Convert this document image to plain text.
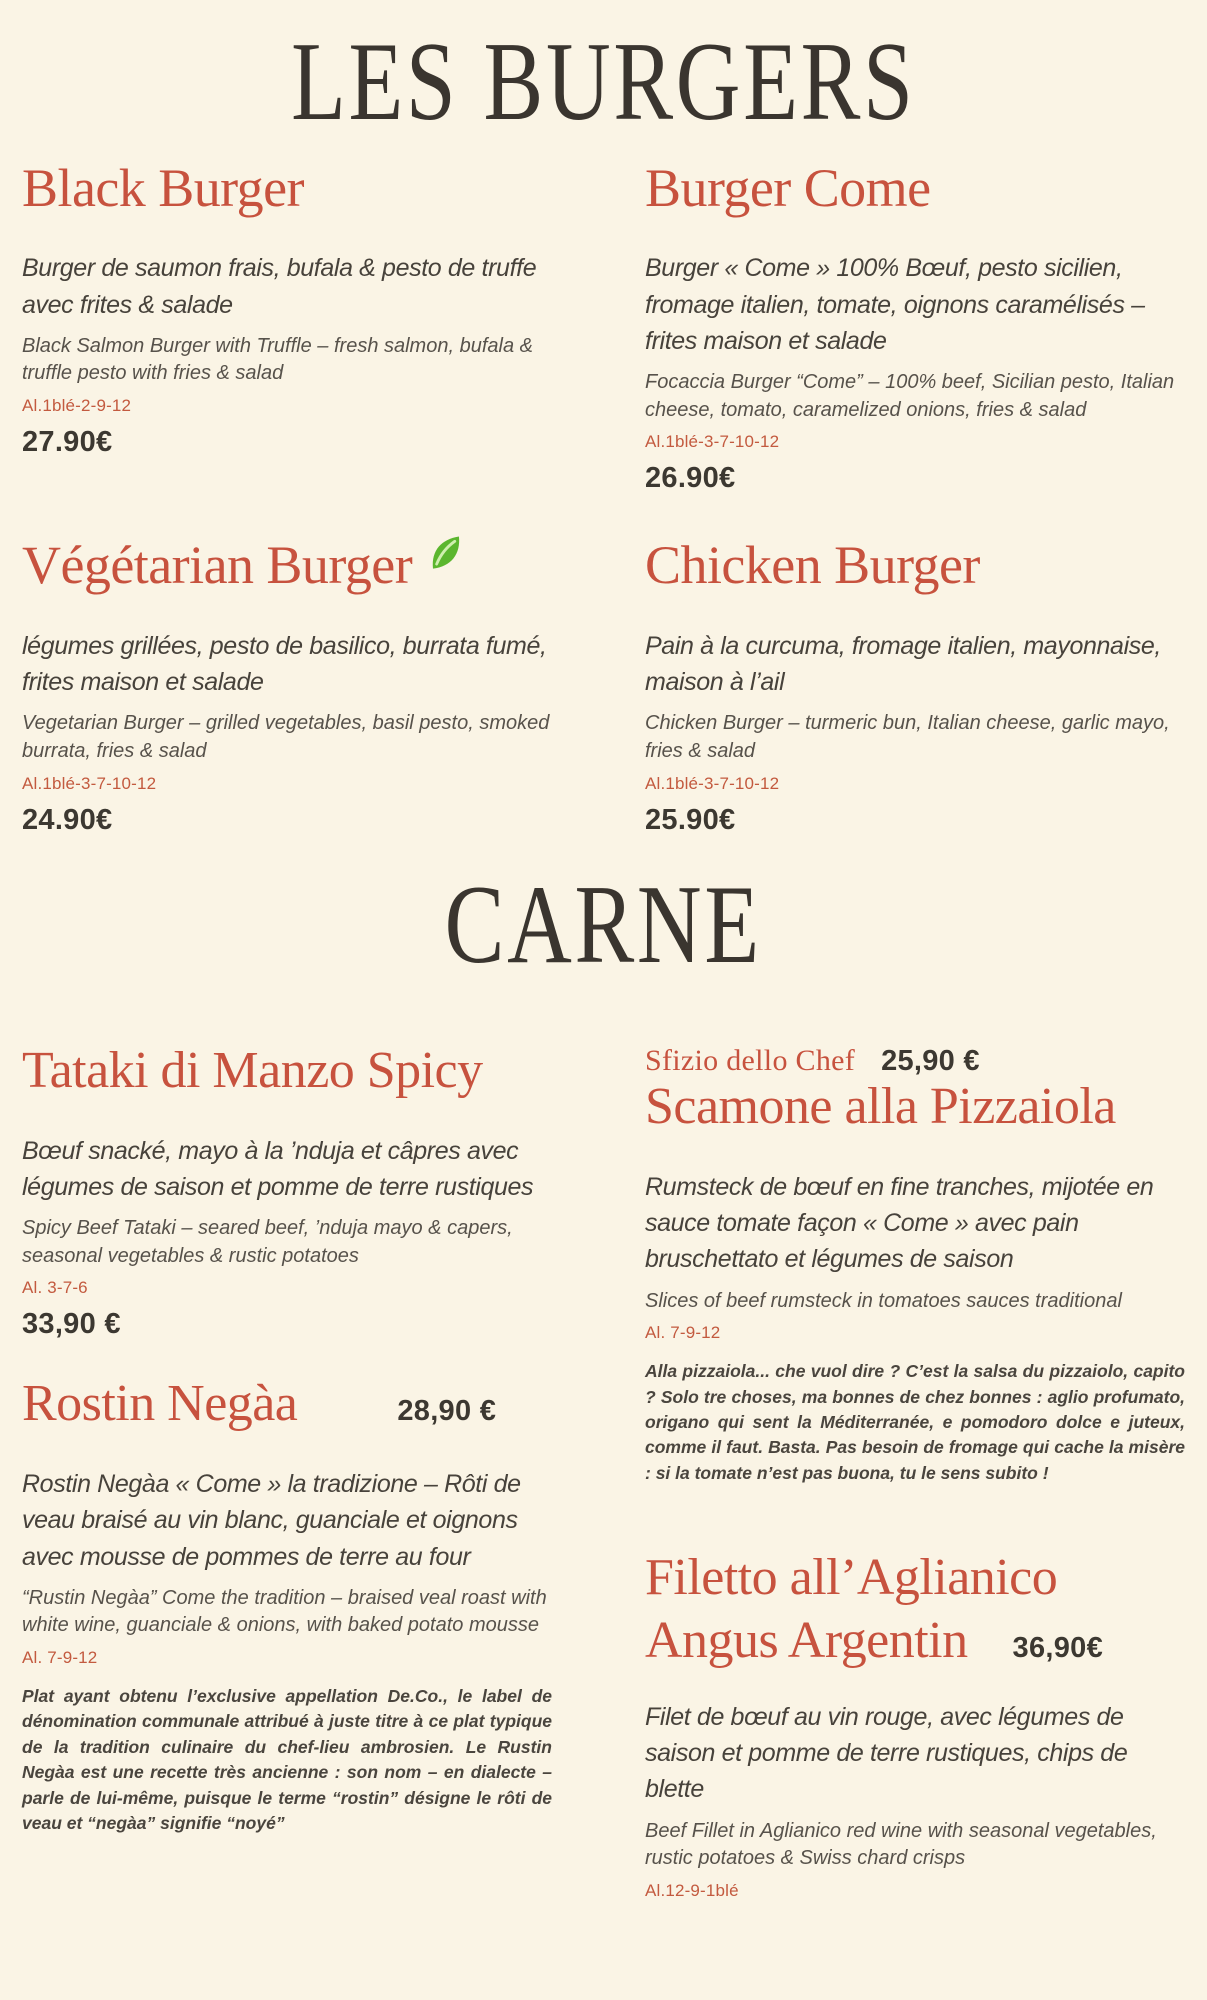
LES BURGERS
Black Burger

Burger de saumon frais, bufala & pesto de truffe avec frites & salade

Black Salmon Burger with Truffle – fresh salmon, bufala & truffle pesto with fries & salad

Al.1blé-2-9-12

27.90€
Burger Come

Burger « Come » 100% Bœuf, pesto sicilien, fromage italien, tomate, oignons caramélisés – frites maison et salade

Focaccia Burger “Come” – 100% beef, Sicilian pesto, Italian cheese, tomato, caramelized onions, fries & salad

Al.1blé-3-7-10-12

26.90€
Végétarian Burger

légumes grillées, pesto de basilico, burrata fumé, frites maison et salade

Vegetarian Burger – grilled vegetables, basil pesto, smoked burrata, fries & salad

Al.1blé-3-7-10-12

24.90€
Chicken Burger

Pain à la curcuma, fromage italien, mayonnaise, maison à l’ail

Chicken Burger – turmeric bun, Italian cheese, garlic mayo, fries & salad

Al.1blé-3-7-10-12

25.90€
CARNE
Tataki di Manzo Spicy

Bœuf snacké, mayo à la ’nduja et câpres avec légumes de saison et pomme de terre rustiques

Spicy Beef Tataki – seared beef, ’nduja mayo & capers, seasonal vegetables & rustic potatoes

Al. 3-7-6

33,90 €
Rostin Negàa	28,90 €

Rostin Negàa « Come » la tradizione – Rôti de veau braisé au vin blanc, guanciale et oignons avec mousse de pommes de terre au four

“Rustin Negàa” Come the tradition – braised veal roast with white wine, guanciale & onions, with baked potato mousse

Al. 7-9-12

Plat ayant obtenu l’exclusive appellation De.Co., le label de dénomination communale attribué à juste titre à ce plat typique de la tradition culinaire du chef-lieu ambrosien. Le Rustin Negàa est une recette très ancienne : son nom – en dialecte – parle de lui-même, puisque le terme “rostin” désigne le rôti de veau et “negàa” signifie “noyé”

Sfizio dello Chef 25,90 €
Scamone alla Pizzaiola

Rumsteck de bœuf en fine tranches, mijotée en sauce tomate façon « Come » avec pain bruschettato et légumes de saison

Slices of beef rumsteck in tomatoes sauces traditional

Al. 7-9-12

Alla pizzaiola... che vuol dire ? C’est la salsa du pizzaiolo, capito ? Solo tre choses, ma bonnes de chez bonnes : aglio profumato, origano qui sent la Méditerranée, e pomodoro dolce e juteux, comme il faut. Basta. Pas besoin de fromage qui cache la misère : si la tomate n’est pas buona, tu le sens subito !

Filetto all’Aglianico
Angus Argentin 36,90€

Filet de bœuf au vin rouge, avec légumes de saison et pomme de terre rustiques, chips de blette

Beef Fillet in Aglianico red wine with seasonal vegetables, rustic potatoes & Swiss chard crisps

Al.12-9-1blé
